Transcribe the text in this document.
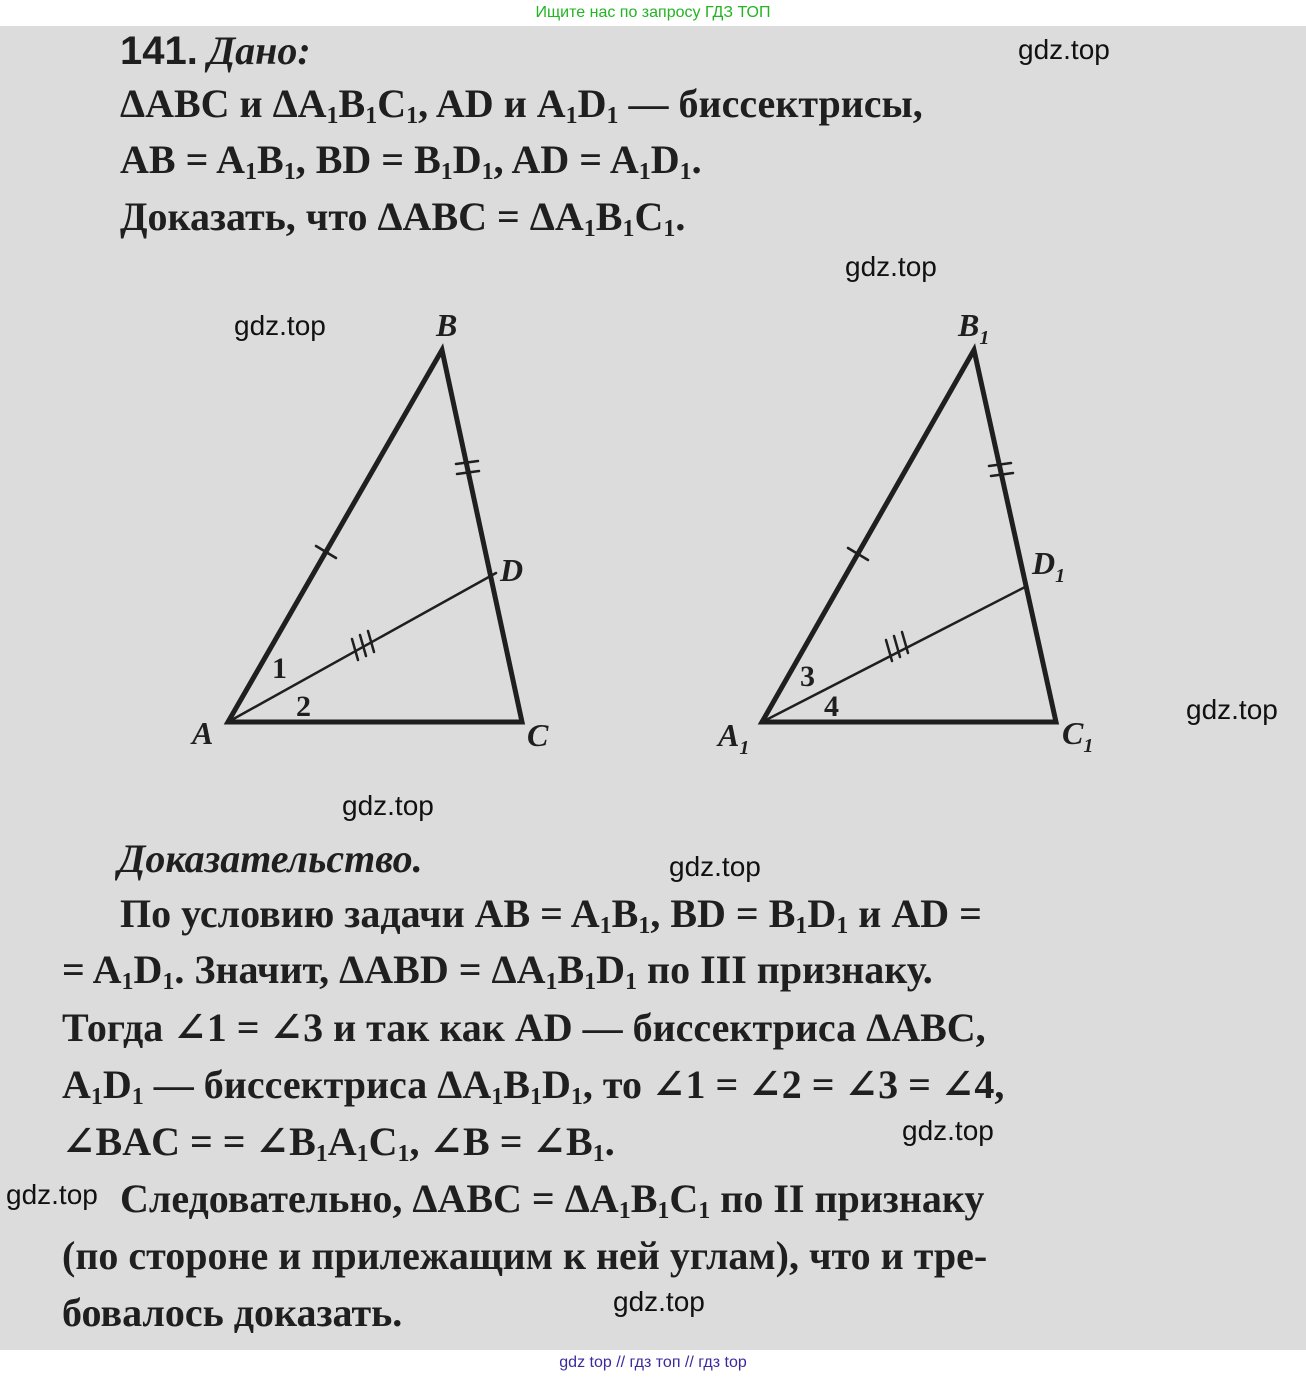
Ищите нас по запросу ГДЗ ТОП
141. Дано:
ΔABC и $\Delta A_1B_1C_1$, AD и $A_1D_1$ — биссектрисы,
AB = $A_1B_1$, BD = $B_1D_1$, AD = $A_1D_1$.
Доказать, что $\Delta ABC = \Delta A_1B_1C_1$.
B
D
A	C
1
2
$B_1$
$D_1$
$A_1$	$C_1$
3
4
Доказательство.
По условию задачи AB = $A_1B_1$, BD = $B_1D_1$ и AD =
= $A_1D_1$. Значит, $\Delta ABD = \Delta A_1B_1D_1$ по III признаку.
Тогда ∠1 = ∠3 и так как AD — биссектриса ΔABC,
$A_1D_1$ — биссектриса $\Delta A_1B_1D_1$, то ∠1 = ∠2 = ∠3 = ∠4,
∠BAC = = $\angle B_1A_1C_1$, ∠B = $\angle B_1$.
Следовательно, $\Delta ABC = \Delta A_1B_1C_1$ по II признаку
(по стороне и прилежащим к ней углам), что и тре-
бовалось доказать.
gdz.top
gdz.top
gdz.top
gdz.top
gdz.top
gdz.top
gdz.top
gdz.top
gdz.top
gdz top // гдз топ // гдз top
